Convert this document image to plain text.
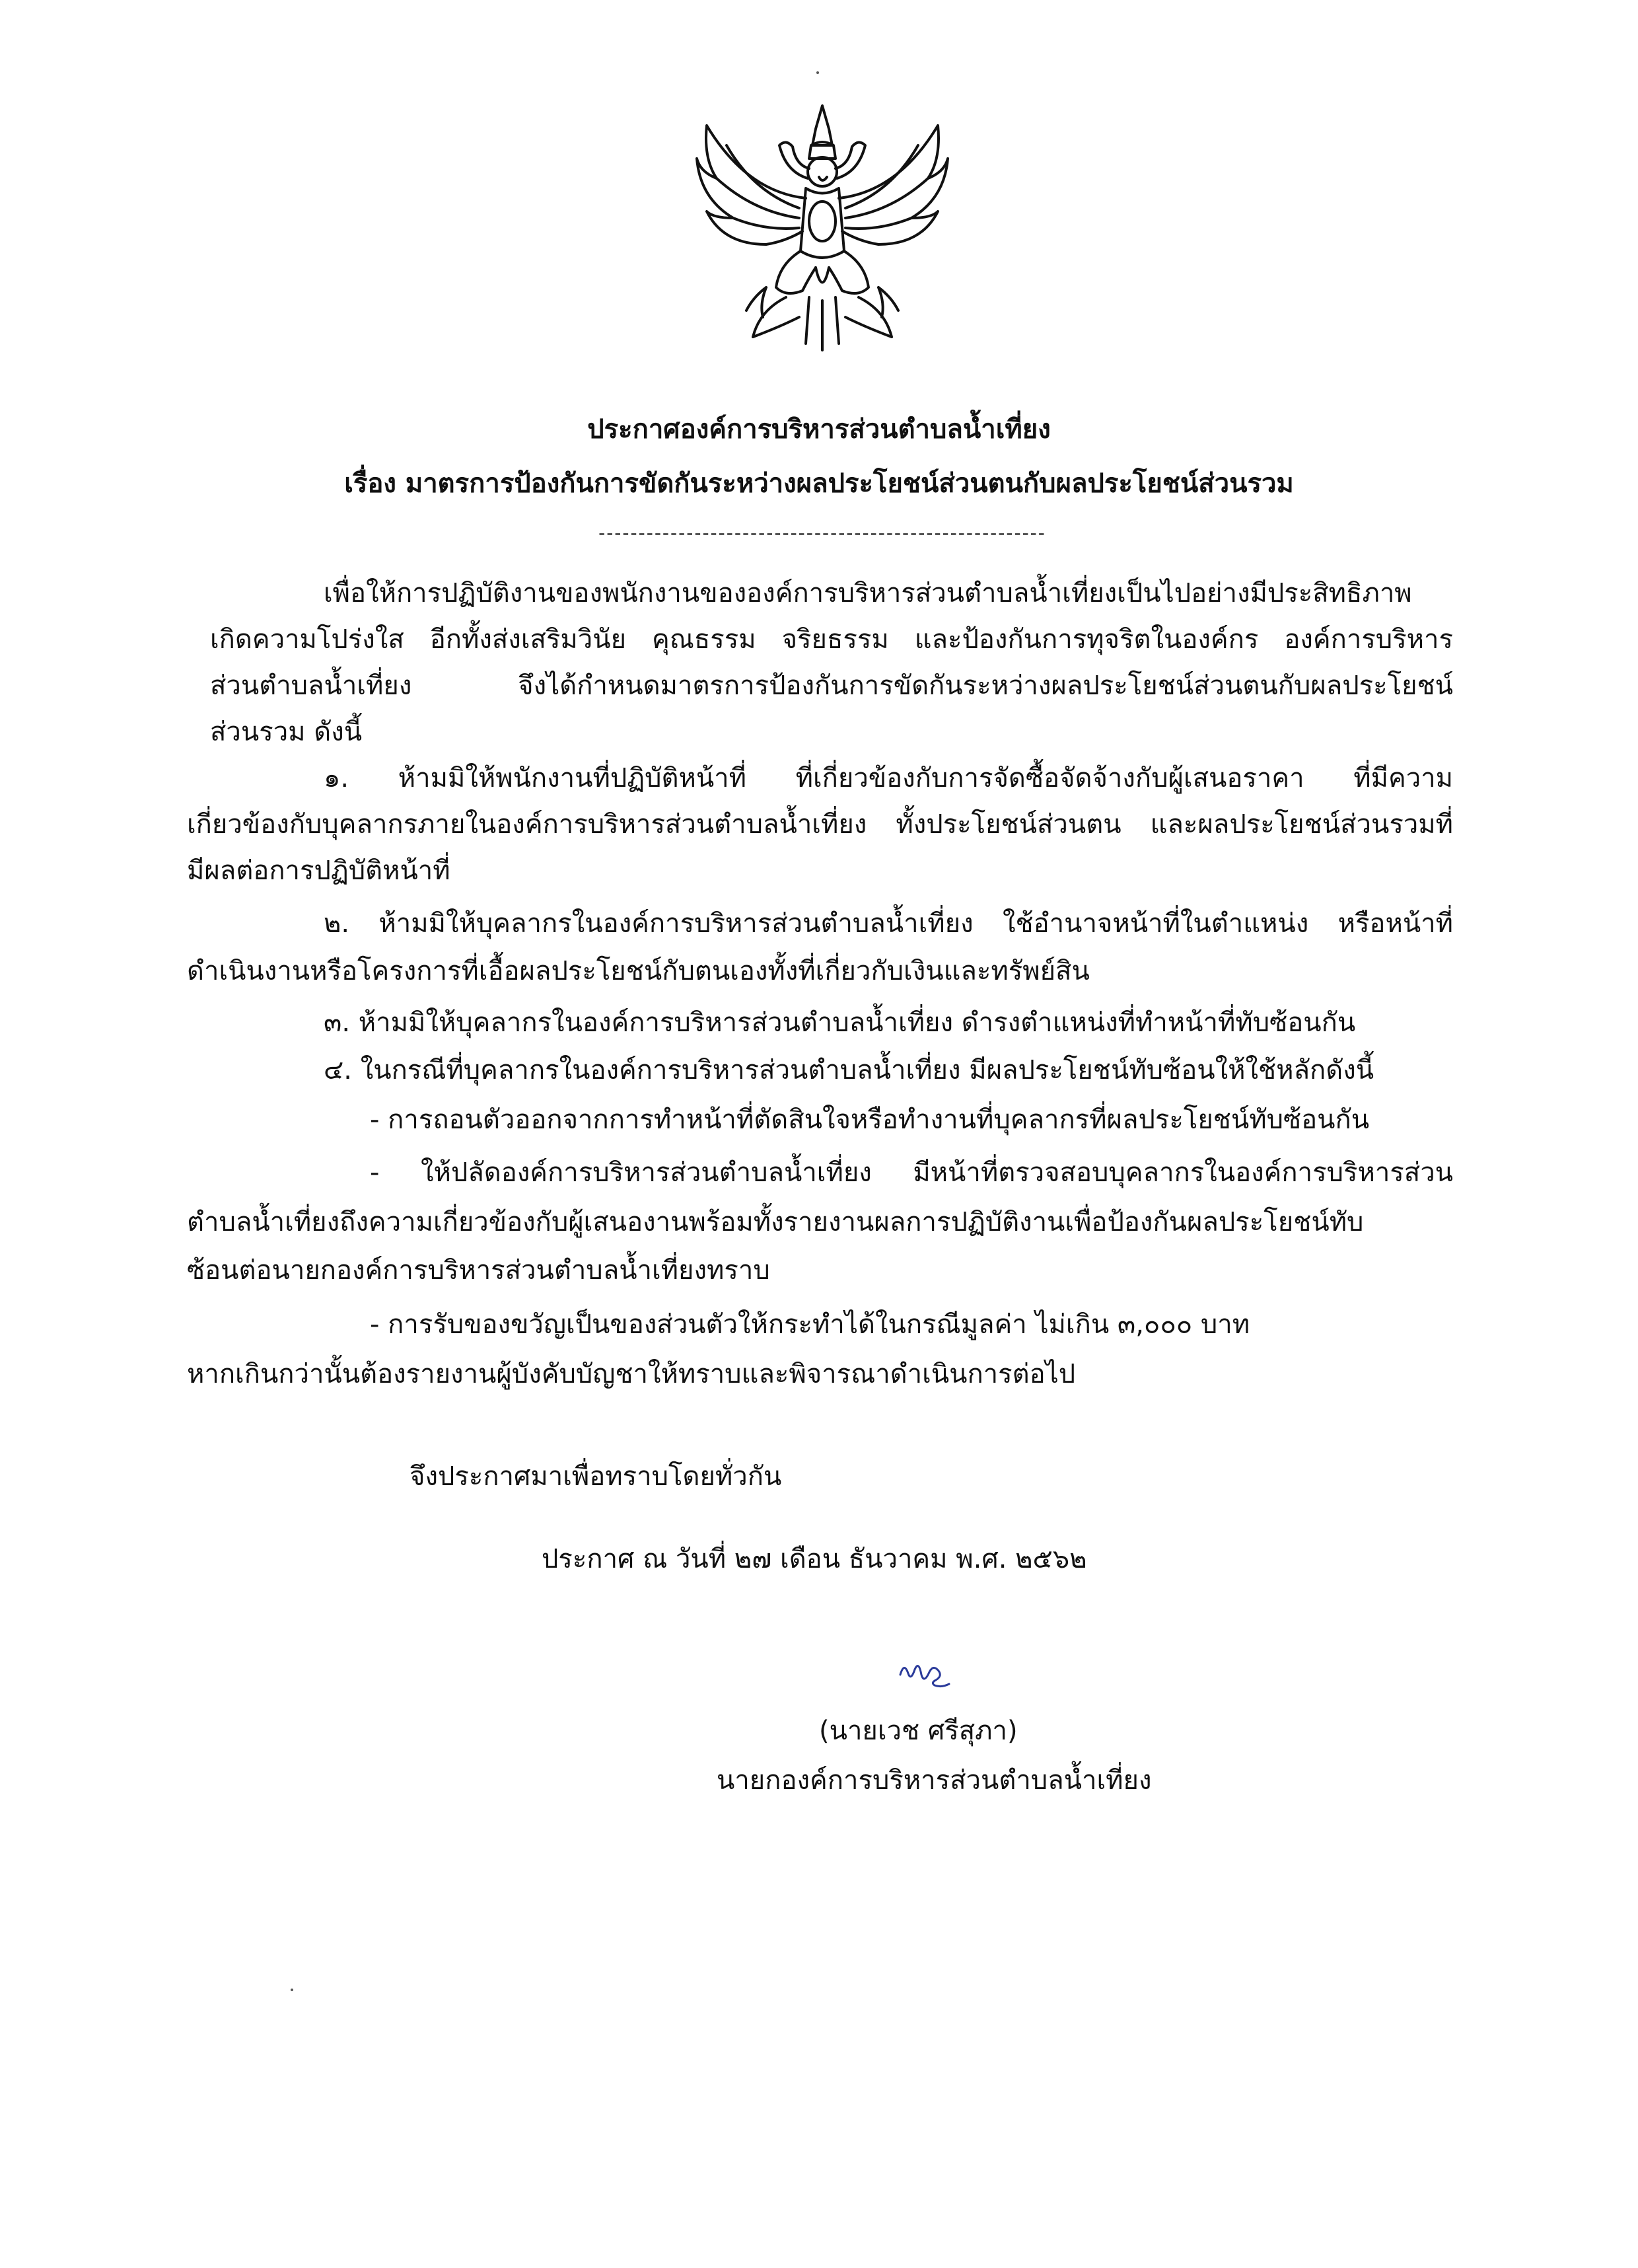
ประกาศองค์การบริหารส่วนตำบลน้ำเที่ยง
เรื่อง มาตรการป้องกันการขัดกันระหว่างผลประโยชน์ส่วนตนกับผลประโยชน์ส่วนรวม
--------------------------------------------------------
เพื่อให้การปฏิบัติงานของพนักงานขององค์การบริหารส่วนตำบลน้ำเที่ยงเป็นไปอย่างมีประสิทธิภาพ
เกิดความโปร่งใส อีกทั้งส่งเสริมวินัย คุณธรรม จริยธรรม และป้องกันการทุจริตในองค์กร องค์การบริหาร
ส่วนตำบลน้ำเที่ยง จึงได้กำหนดมาตรการป้องกันการขัดกันระหว่างผลประโยชน์ส่วนตนกับผลประโยชน์
ส่วนรวม ดังนี้
๑. ห้ามมิให้พนักงานที่ปฏิบัติหน้าที่ ที่เกี่ยวข้องกับการจัดซื้อจัดจ้างกับผู้เสนอราคา ที่มีความ
เกี่ยวข้องกับบุคลากรภายในองค์การบริหารส่วนตำบลน้ำเที่ยง ทั้งประโยชน์ส่วนตน และผลประโยชน์ส่วนรวมที่
มีผลต่อการปฏิบัติหน้าที่
๒. ห้ามมิให้บุคลากรในองค์การบริหารส่วนตำบลน้ำเที่ยง ใช้อำนาจหน้าที่ในตำแหน่ง หรือหน้าที่
ดำเนินงานหรือโครงการที่เอื้อผลประโยชน์กับตนเองทั้งที่เกี่ยวกับเงินและทรัพย์สิน
๓. ห้ามมิให้บุคลากรในองค์การบริหารส่วนตำบลน้ำเที่ยง ดำรงตำแหน่งที่ทำหน้าที่ทับซ้อนกัน
๔. ในกรณีที่บุคลากรในองค์การบริหารส่วนตำบลน้ำเที่ยง มีผลประโยชน์ทับซ้อนให้ใช้หลักดังนี้
- การถอนตัวออกจากการทำหน้าที่ตัดสินใจหรือทำงานที่บุคลากรที่ผลประโยชน์ทับซ้อนกัน
- ให้ปลัดองค์การบริหารส่วนตำบลน้ำเที่ยง มีหน้าที่ตรวจสอบบุคลากรในองค์การบริหารส่วน
ตำบลน้ำเที่ยงถึงความเกี่ยวข้องกับผู้เสนองานพร้อมทั้งรายงานผลการปฏิบัติงานเพื่อป้องกันผลประโยชน์ทับ
ซ้อนต่อนายกองค์การบริหารส่วนตำบลน้ำเที่ยงทราบ
- การรับของขวัญเป็นของส่วนตัวให้กระทำได้ในกรณีมูลค่า ไม่เกิน ๓,๐๐๐ บาท
หากเกินกว่านั้นต้องรายงานผู้บังคับบัญชาให้ทราบและพิจารณาดำเนินการต่อไป
จึงประกาศมาเพื่อทราบโดยทั่วกัน
ประกาศ ณ วันที่ ๒๗ เดือน ธันวาคม พ.ศ. ๒๕๖๒
(นายเวช ศรีสุภา)
นายกองค์การบริหารส่วนตำบลน้ำเที่ยง
